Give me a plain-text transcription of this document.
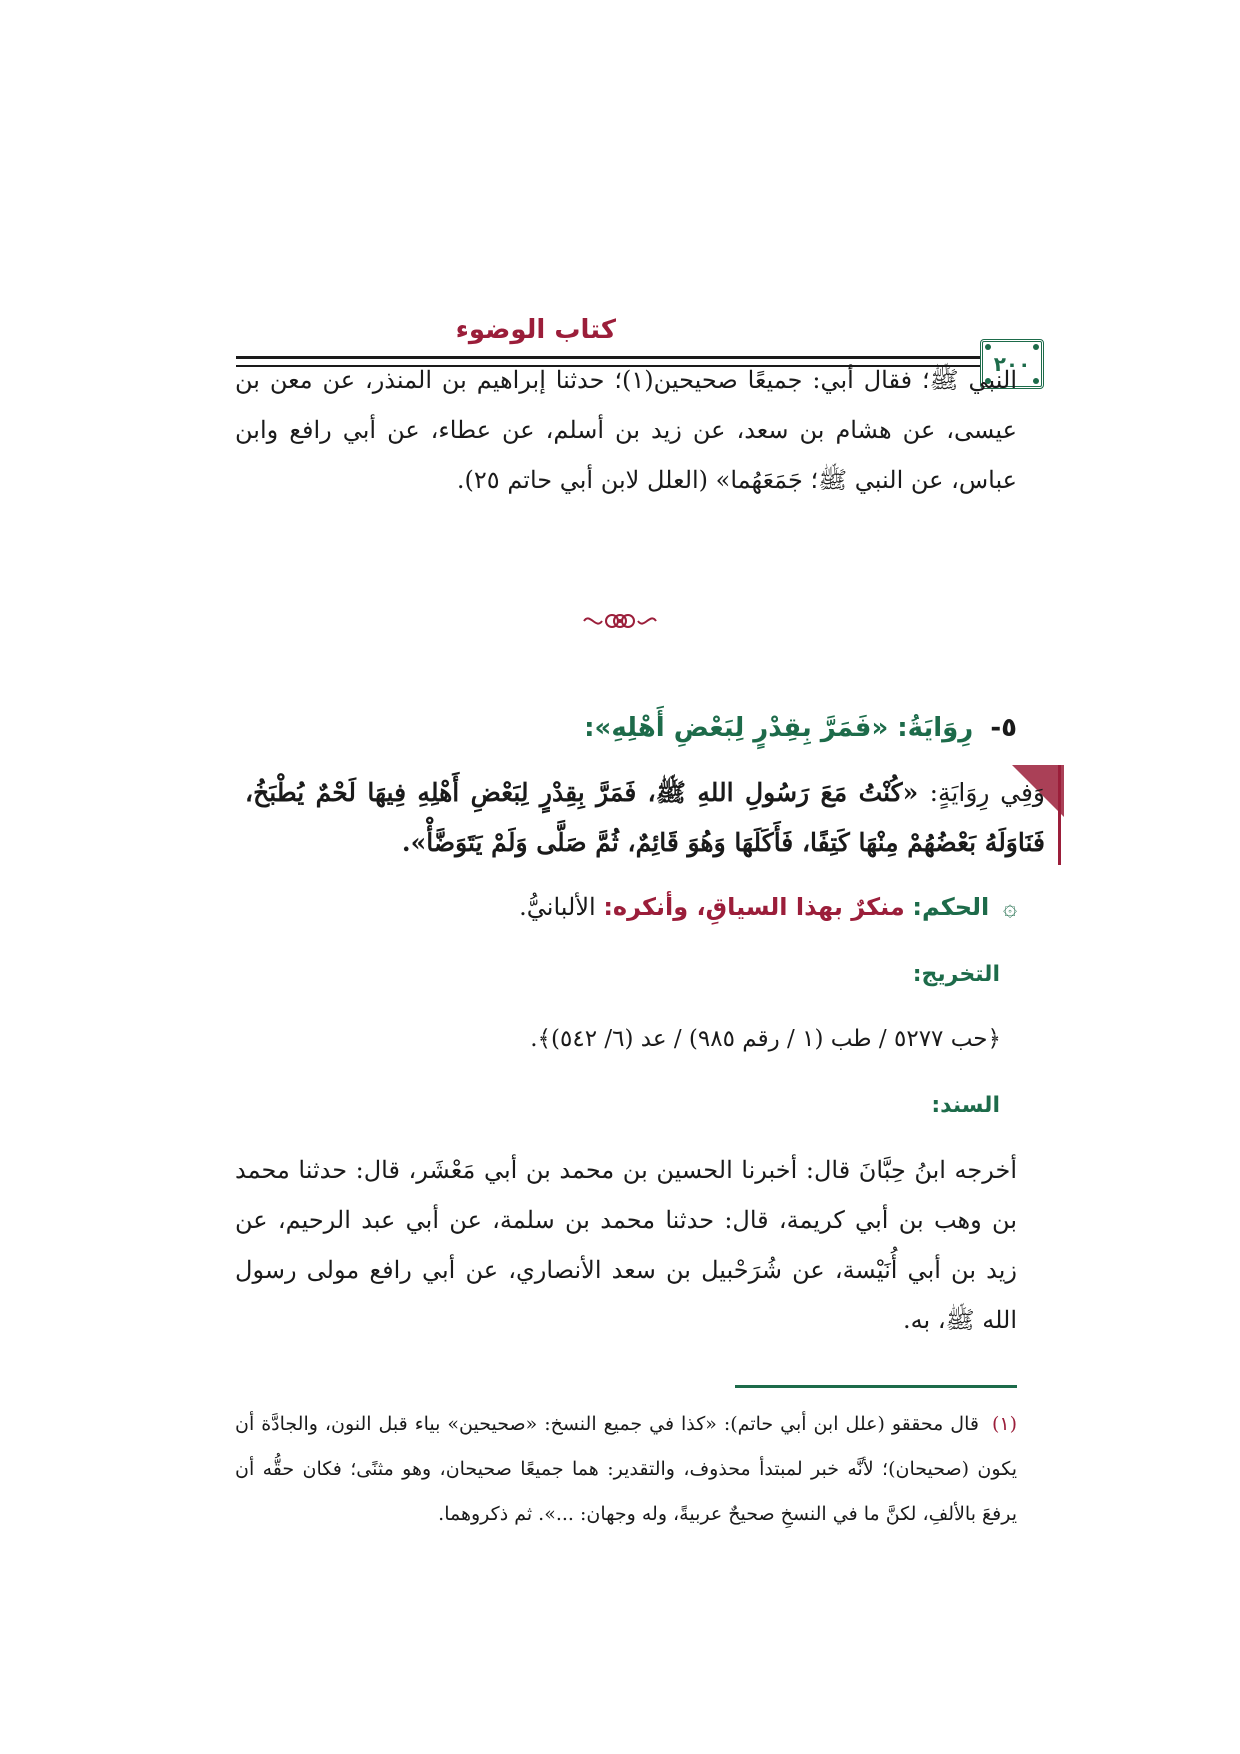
كتاب الوضوء
٢٠٠

النبي ﷺ؛ فقال أبي: جميعًا صحيحين(١)؛ حدثنا إبراهيم بن المنذر، عن معن بن عيسى، عن هشام بن سعد، عن زيد بن أسلم، عن عطاء، عن أبي رافع وابن عباس، عن النبي ﷺ؛ جَمَعَهُما» (العلل لابن أبي حاتم ٢٥).

٥- رِوَايَةُ: «فَمَرَّ بِقِدْرٍ لِبَعْضِ أَهْلِهِ»:

وَفِي رِوَايَةٍ: «كُنْتُ مَعَ رَسُولِ اللهِ ﷺ، فَمَرَّ بِقِدْرٍ لِبَعْضِ أَهْلِهِ فِيهَا لَحْمٌ يُطْبَخُ، فَنَاوَلَهُ بَعْضُهُمْ مِنْهَا كَتِفًا، فَأَكَلَهَا وَهُوَ قَائِمٌ، ثُمَّ صَلَّى وَلَمْ يَتَوَضَّأْ».

۞ الحكم: منكرٌ بهذا السياقِ، وأنكره: الألبانيُّ.
التخريج:
﴿حب ٥٢٧٧ / طب (١ / رقم ٩٨٥) / عد (٦/ ٥٤٢)﴾.
السند:

أخرجه ابنُ حِبَّانَ قال: أخبرنا الحسين بن محمد بن أبي مَعْشَر، قال: حدثنا محمد بن وهب بن أبي كريمة، قال: حدثنا محمد بن سلمة، عن أبي عبد الرحيم، عن زيد بن أبي أُنَيْسة، عن شُرَحْبيل بن سعد الأنصاري، عن أبي رافع مولى رسول الله ﷺ، به.

(١) قال محققو (علل ابن أبي حاتم): «كذا في جميع النسخ: «صحيحين» بياء قبل النون، والجادَّة أن يكون (صحيحان)؛ لأنَّه خبر لمبتدأ محذوف، والتقدير: هما جميعًا صحيحان، وهو مثنًى؛ فكان حقُّه أن يرفعَ بالألفِ، لكنَّ ما في النسخِ صحيحٌ عربيةً، وله وجهان: ...». ثم ذكروهما.
